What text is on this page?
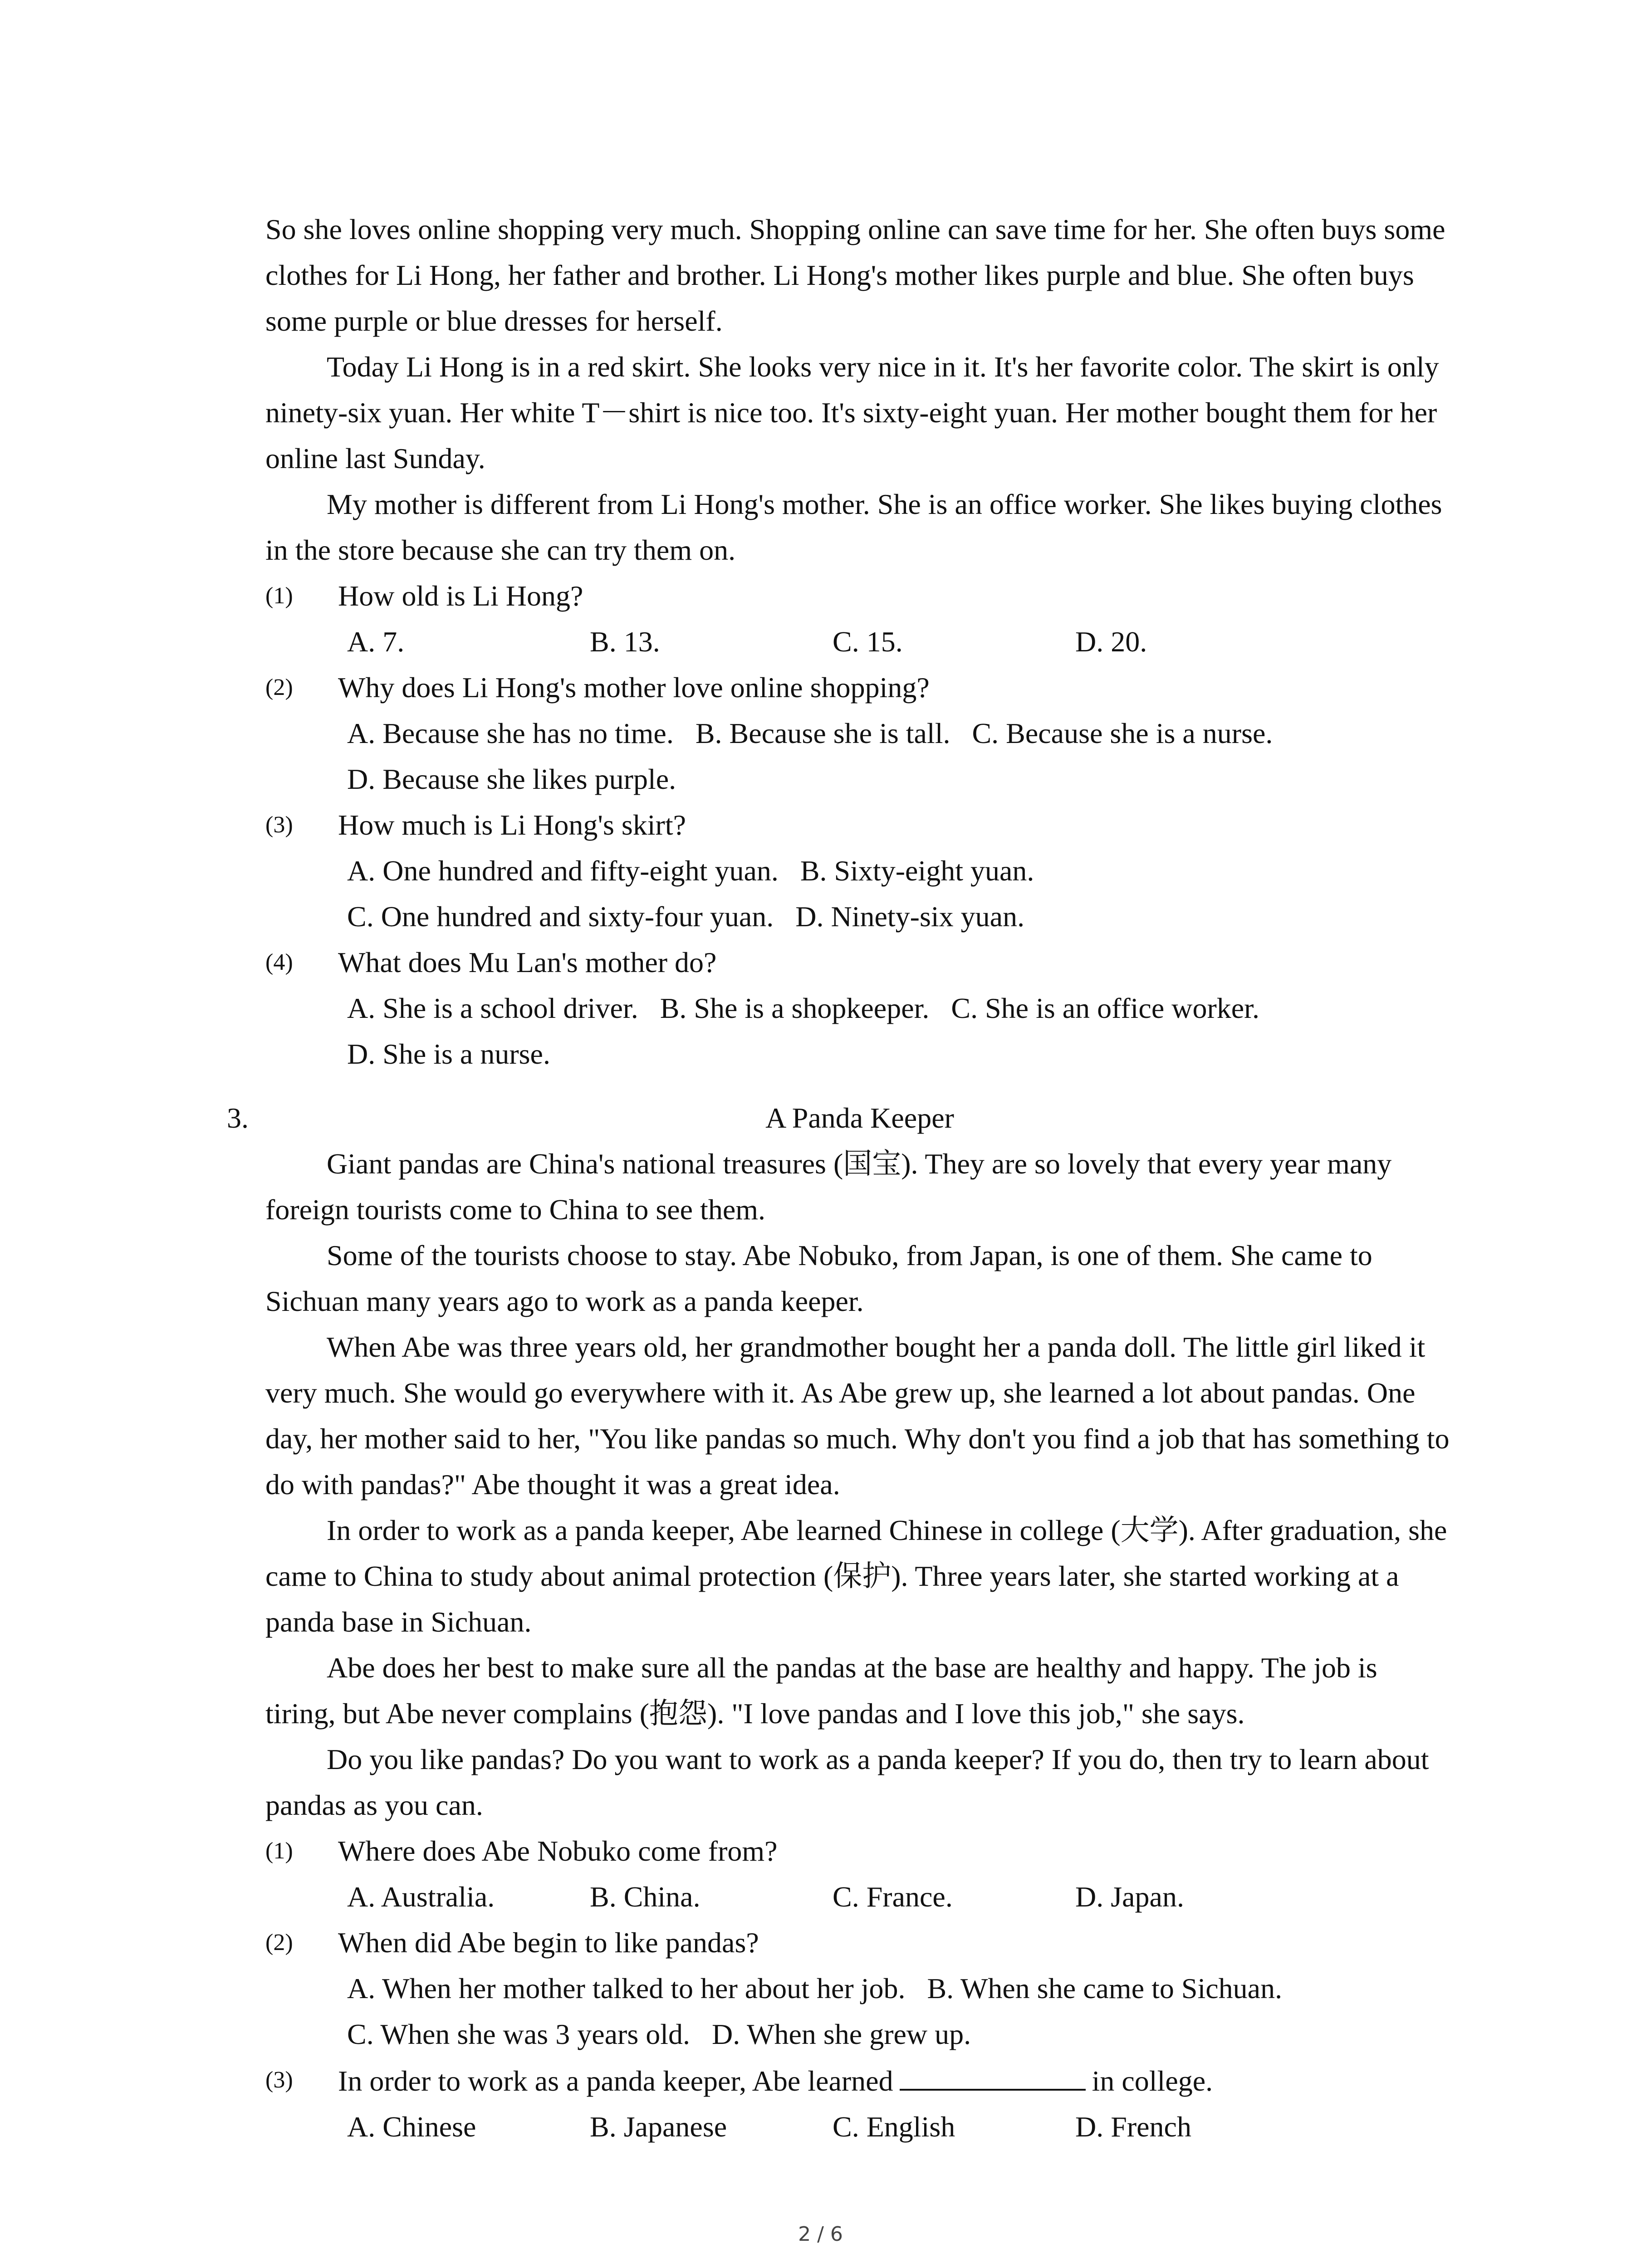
So she loves online shopping very much. Shopping online can save time for her. She often buys some clothes for Li Hong, her father and brother. Li Hong's mother likes purple and blue. She often buys some purple or blue dresses for herself.

Today Li Hong is in a red skirt. She looks very nice in it. It's her favorite color. The skirt is only ninety-six yuan. Her white T－shirt is nice too. It's sixty-eight yuan. Her mother bought them for her online last Sunday.

My mother is different from Li Hong's mother. She is an office worker. She likes buying clothes in the store because she can try them on.

(1) How old is Li Hong?
A. 7.	B. 13.	C. 15.	D. 20.
(2) Why does Li Hong's mother love online shopping?
A. Because she has no time.   B. Because she is tall.   C. Because she is a nurse.
D. Because she likes purple.
(3) How much is Li Hong's skirt?
A. One hundred and fifty-eight yuan.   B. Sixty-eight yuan.
C. One hundred and sixty-four yuan.   D. Ninety-six yuan.
(4) What does Mu Lan's mother do?
A. She is a school driver.   B. She is a shopkeeper.   C. She is an office worker.
D. She is a nurse.
3.	A Panda Keeper

Giant pandas are China's national treasures (国宝). They are so lovely that every year many foreign tourists come to China to see them.

Some of the tourists choose to stay. Abe Nobuko, from Japan, is one of them. She came to Sichuan many years ago to work as a panda keeper.

When Abe was three years old, her grandmother bought her a panda doll. The little girl liked it very much. She would go everywhere with it. As Abe grew up, she learned a lot about pandas. One day, her mother said to her, "You like pandas so much. Why don't you find a job that has something to do with pandas?" Abe thought it was a great idea.

In order to work as a panda keeper, Abe learned Chinese in college (大学). After graduation, she came to China to study about animal protection (保护). Three years later, she started working at a panda base in Sichuan.

Abe does her best to make sure all the pandas at the base are healthy and happy. The job is tiring, but Abe never complains (抱怨). "I love pandas and I love this job," she says.

Do you like pandas? Do you want to work as a panda keeper? If you do, then try to learn about pandas as you can.

(1) Where does Abe Nobuko come from?
A. Australia.	B. China.	C. France.	D. Japan.
(2) When did Abe begin to like pandas?
A. When her mother talked to her about her job.   B. When she came to Sichuan.
C. When she was 3 years old.   D. When she grew up.
(3) In order to work as a panda keeper, Abe learned	in college.
A. Chinese	B. Japanese	C. English	D. French
2 / 6
